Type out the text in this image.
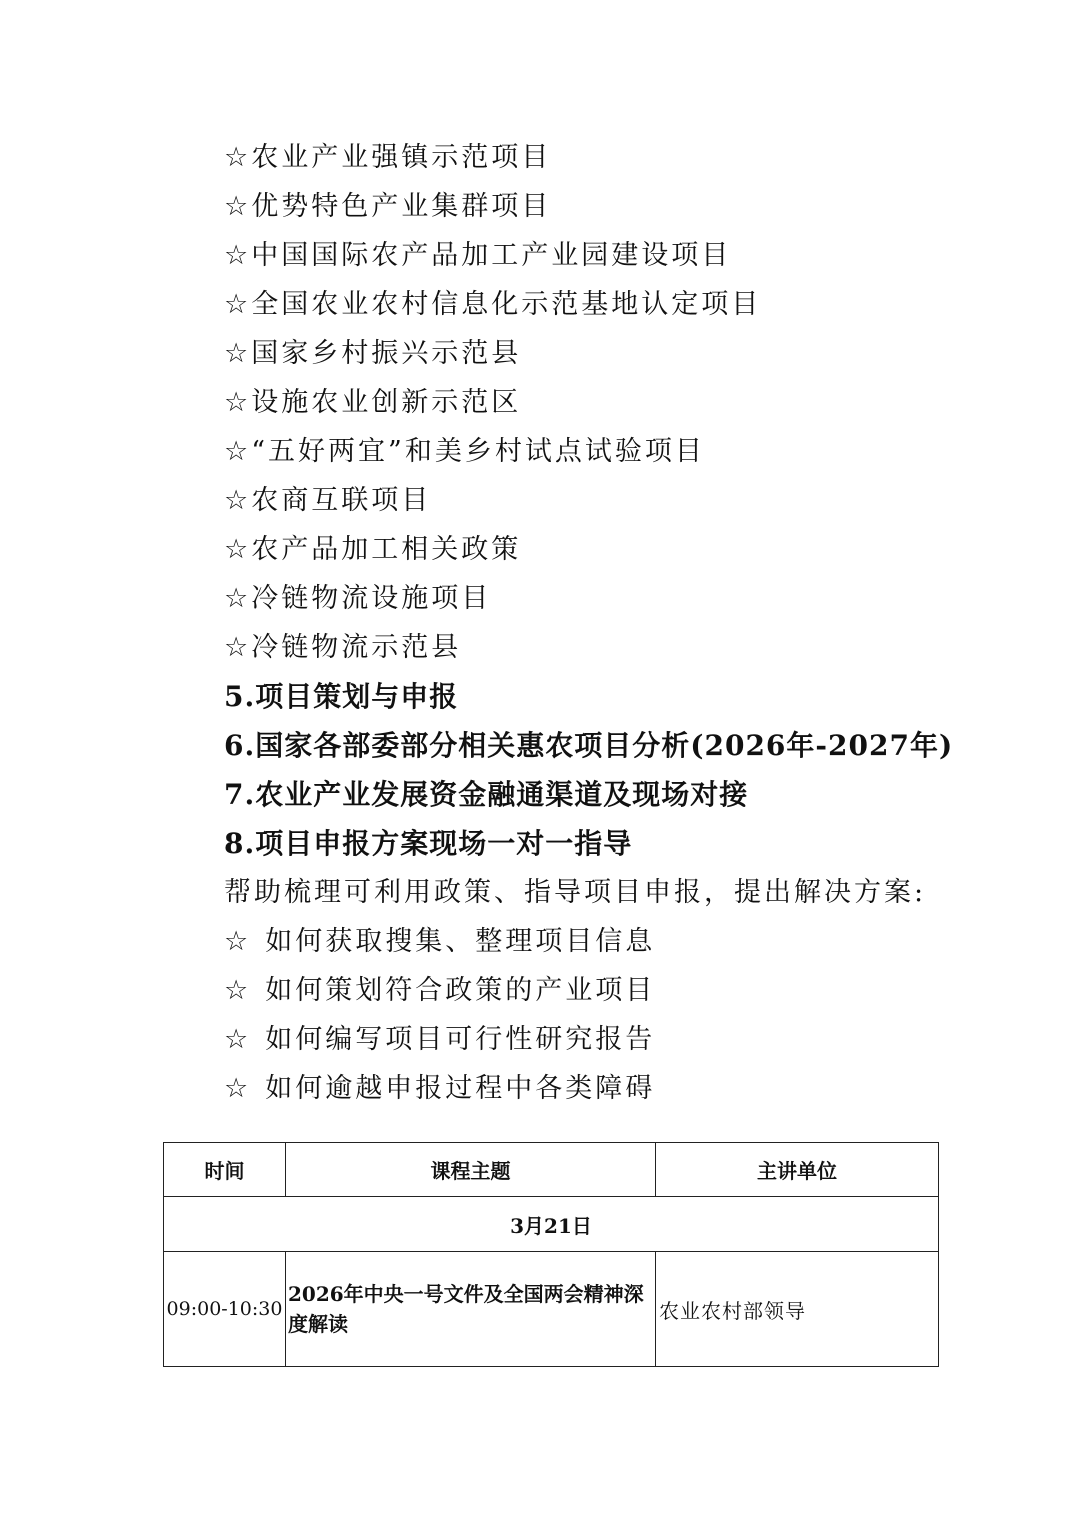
☆农业产业强镇示范项目
☆优势特色产业集群项目
☆中国国际农产品加工产业园建设项目
☆全国农业农村信息化示范基地认定项目
☆国家乡村振兴示范县
☆设施农业创新示范区
☆“五好两宜”和美乡村试点试验项目
☆农商互联项目
☆农产品加工相关政策
☆冷链物流设施项目
☆冷链物流示范县
5.项目策划与申报
6.国家各部委部分相关惠农项目分析(2026年-2027年)
7.农业产业发展资金融通渠道及现场对接
8.项目申报方案现场一对一指导
帮助梳理可利用政策、指导项目申报，提出解决方案:
☆ 如何获取搜集、整理项目信息
☆ 如何策划符合政策的产业项目
☆ 如何编写项目可行性研究报告
☆ 如何逾越申报过程中各类障碍
时间	课程主题	主讲单位
3月21日		
09:00-10:30	2026年中央一号文件及全国两会精神深度解读	农业农村部领导
